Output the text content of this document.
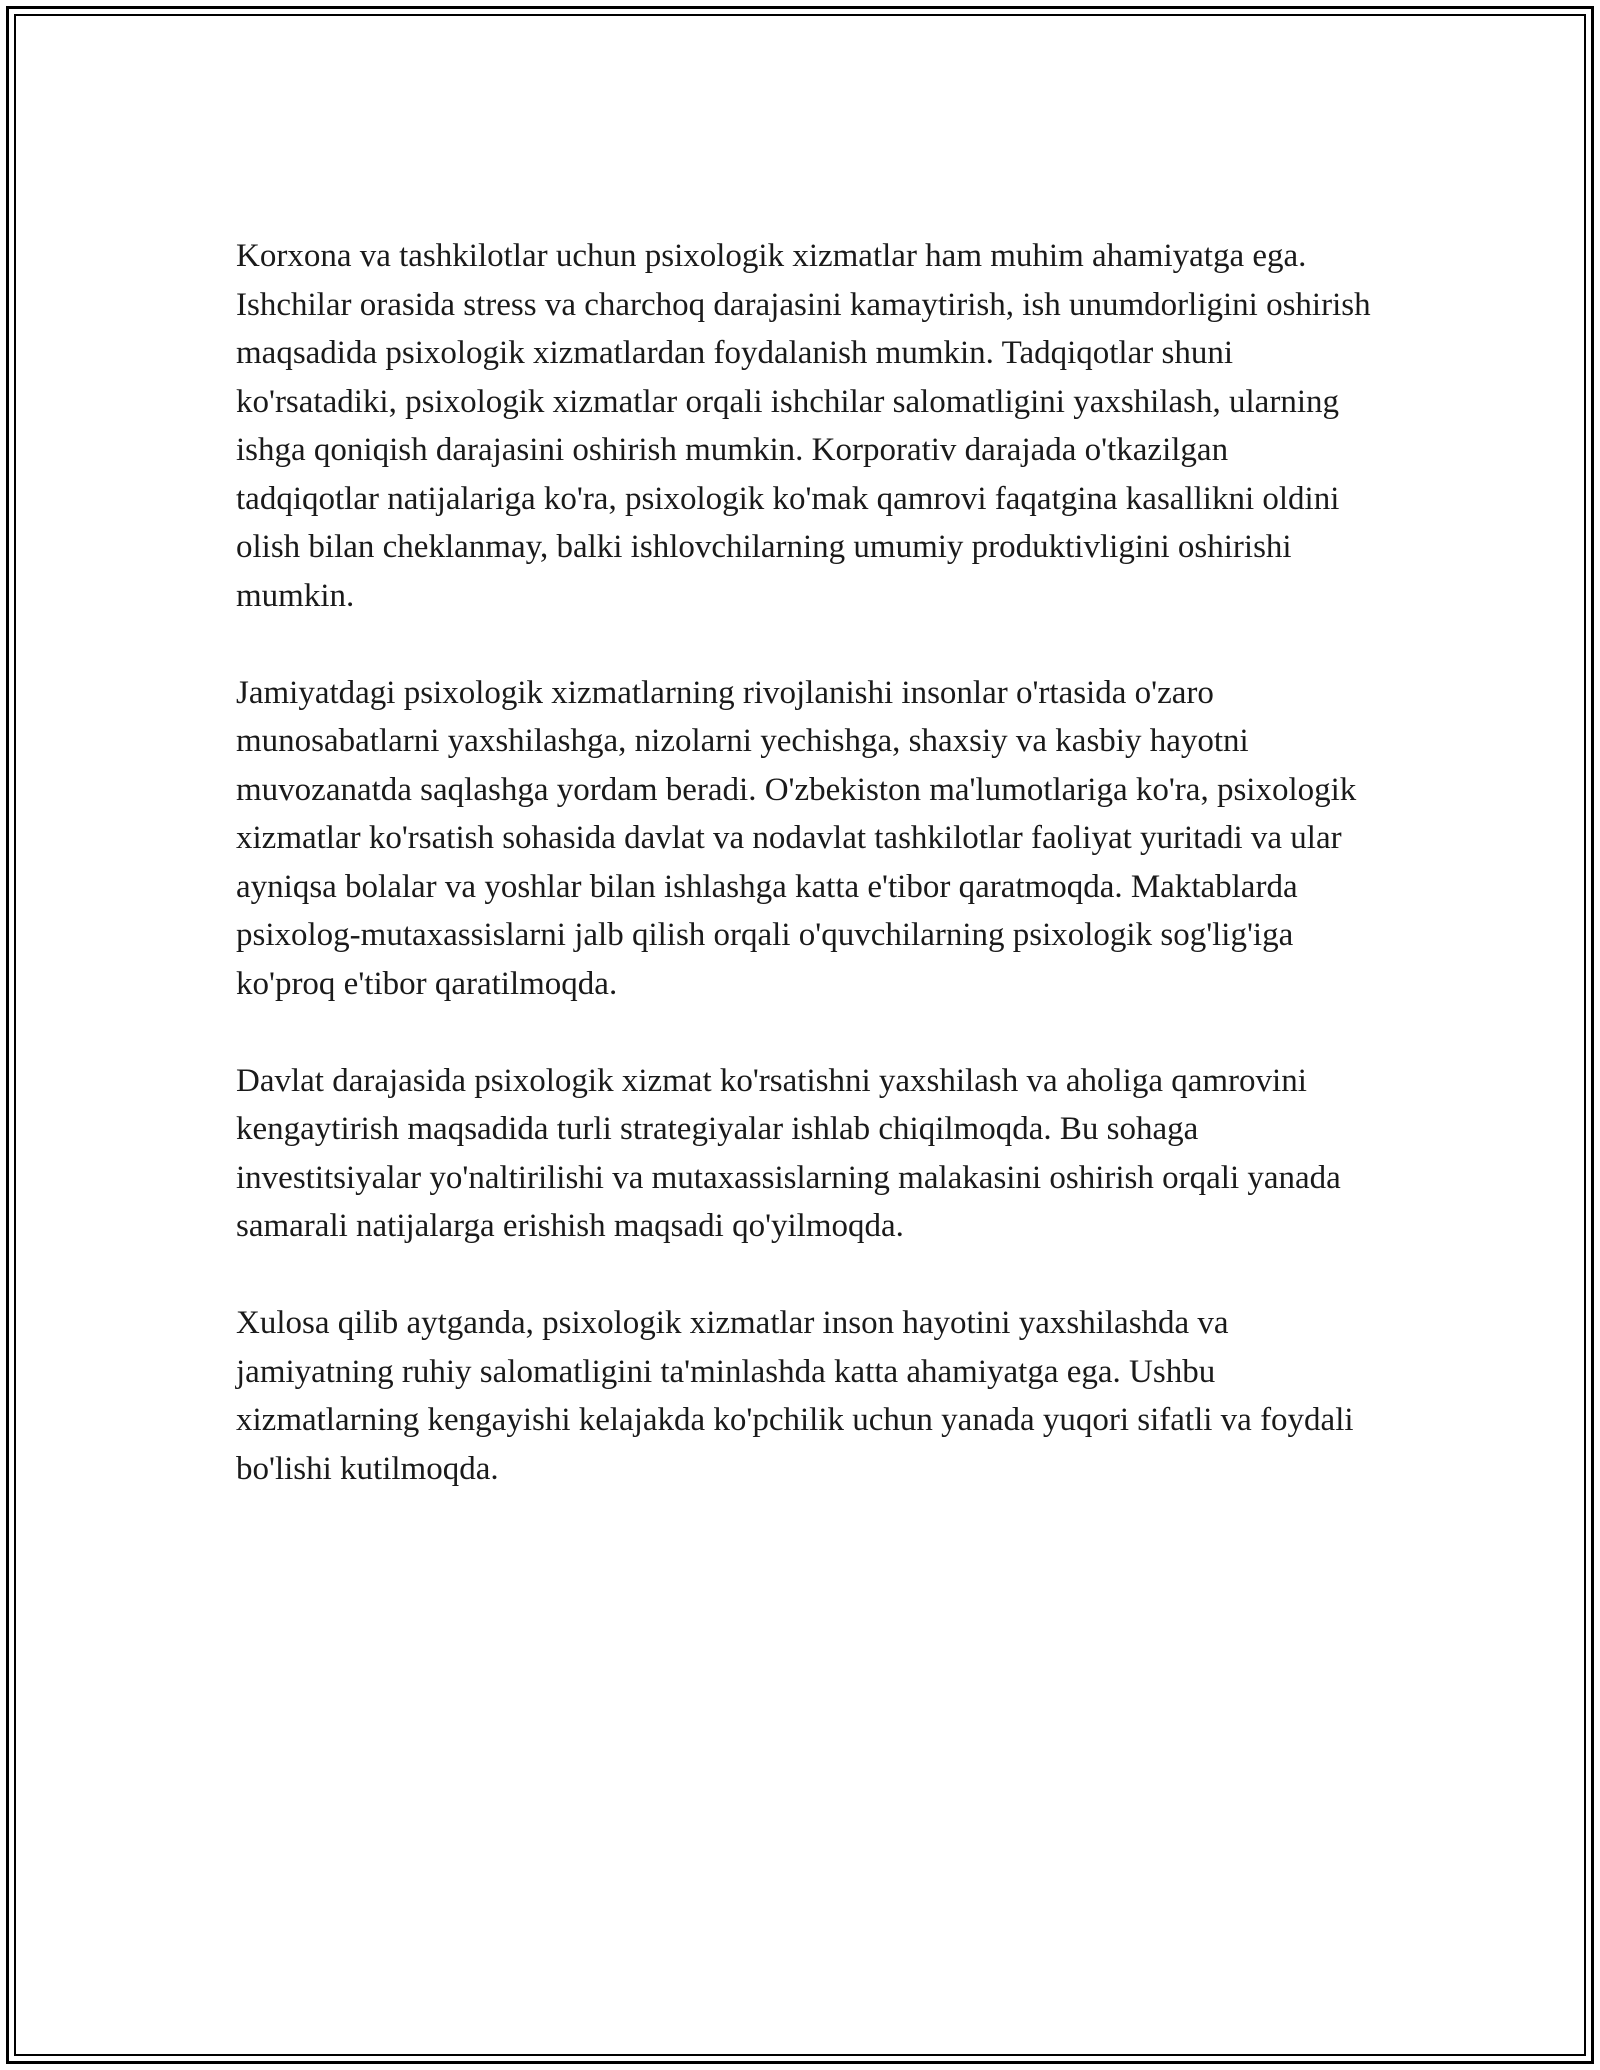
Korxona va tashkilotlar uchun psixologik xizmatlar ham muhim ahamiyatga ega. Ishchilar orasida stress va charchoq darajasini kamaytirish, ish unumdorligini oshirish maqsadida psixologik xizmatlardan foydalanish mumkin. Tadqiqotlar shuni ko'rsatadiki, psixologik xizmatlar orqali ishchilar salomatligini yaxshilash, ularning ishga qoniqish darajasini oshirish mumkin. Korporativ darajada o'tkazilgan tadqiqotlar natijalariga ko'ra, psixologik ko'mak qamrovi faqatgina kasallikni oldini olish bilan cheklanmay, balki ishlovchilarning umumiy produktivligini oshirishi mumkin.

Jamiyatdagi psixologik xizmatlarning rivojlanishi insonlar o'rtasida o'zaro munosabatlarni yaxshilashga, nizolarni yechishga, shaxsiy va kasbiy hayotni muvozanatda saqlashga yordam beradi. O'zbekiston ma'lumotlariga ko'ra, psixologik xizmatlar ko'rsatish sohasida davlat va nodavlat tashkilotlar faoliyat yuritadi va ular ayniqsa bolalar va yoshlar bilan ishlashga katta e'tibor qaratmoqda. Maktablarda psixolog-mutaxassislarni jalb qilish orqali o'quvchilarning psixologik sog'lig'iga ko'proq e'tibor qaratilmoqda.

Davlat darajasida psixologik xizmat ko'rsatishni yaxshilash va aholiga qamrovini kengaytirish maqsadida turli strategiyalar ishlab chiqilmoqda. Bu sohaga investitsiyalar yo'naltirilishi va mutaxassislarning malakasini oshirish orqali yanada samarali natijalarga erishish maqsadi qo'yilmoqda.

Xulosa qilib aytganda, psixologik xizmatlar inson hayotini yaxshilashda va jamiyatning ruhiy salomatligini ta'minlashda katta ahamiyatga ega. Ushbu xizmatlarning kengayishi kelajakda ko'pchilik uchun yanada yuqori sifatli va foydali bo'lishi kutilmoqda.
